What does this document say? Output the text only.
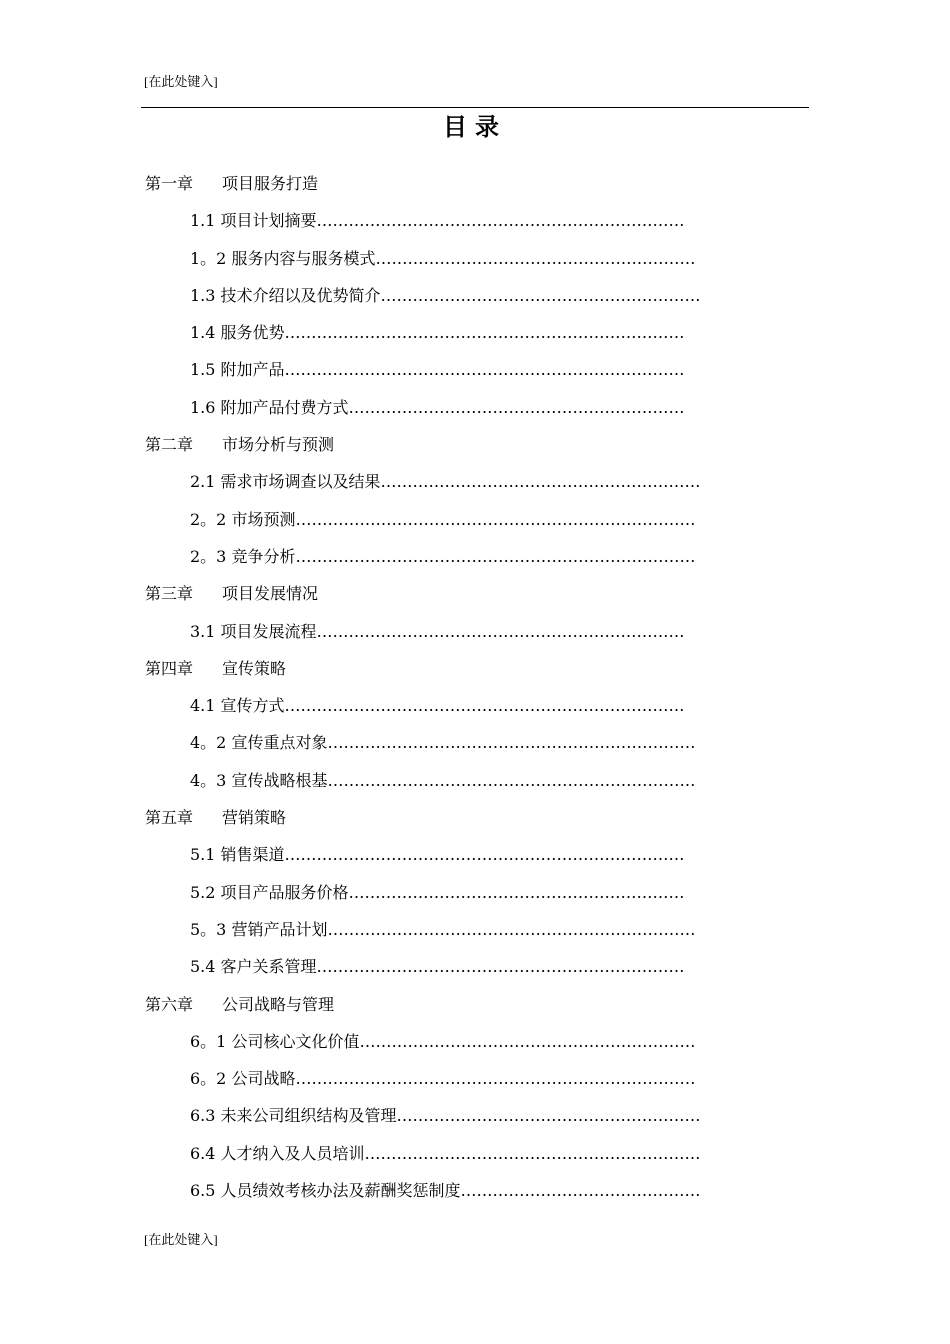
[在此处键入]
目录
第一章 项目服务打造
1.1 项目计划摘要……………………………………………………………
1。2 服务内容与服务模式……………………………………………………
1.3 技术介绍以及优势简介……………………………………………………
1.4 服务优势…………………………………………………………………
1.5 附加产品…………………………………………………………………
1.6 附加产品付费方式………………………………………………………
第二章 市场分析与预测
2.1 需求市场调查以及结果……………………………………………………
2。2 市场预测…………………………………………………………………
2。3 竞争分析…………………………………………………………………
第三章 项目发展情况
3.1 项目发展流程……………………………………………………………
第四章 宣传策略
4.1 宣传方式…………………………………………………………………
4。2 宣传重点对象……………………………………………………………
4。3 宣传战略根基……………………………………………………………
第五章 营销策略
5.1 销售渠道…………………………………………………………………
5.2 项目产品服务价格………………………………………………………
5。3 营销产品计划……………………………………………………………
5.4 客户关系管理……………………………………………………………
第六章 公司战略与管理
6。1 公司核心文化价值………………………………………………………
6。2 公司战略…………………………………………………………………
6.3 未来公司组织结构及管理…………………………………………………
6.4 人才纳入及人员培训………………………………………………………
6.5 人员绩效考核办法及薪酬奖惩制度………………………………………
[在此处键入]
